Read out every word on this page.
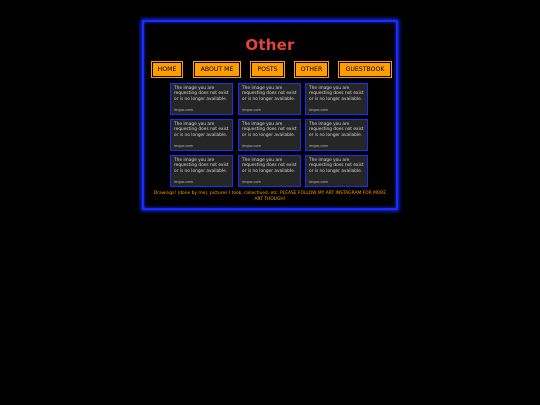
Other
HOME	ABOUT ME	POSTS	OTHER	GUESTBOOK
The image you are requesting does not exist or is no longer available.
imgur.com
The image you are requesting does not exist or is no longer available.
imgur.com
The image you are requesting does not exist or is no longer available.
imgur.com
The image you are requesting does not exist or is no longer available.
imgur.com
The image you are requesting does not exist or is no longer available.
imgur.com
The image you are requesting does not exist or is no longer available.
imgur.com
The image you are requesting does not exist or is no longer available.
imgur.com
The image you are requesting does not exist or is no longer available.
imgur.com
The image you are requesting does not exist or is no longer available.
imgur.com
Drawings! (done by me), pictures I took, collectived, etc. PLEASE FOLLOW MY ART INSTAGRAM FOR MORE ART THOUGH!
